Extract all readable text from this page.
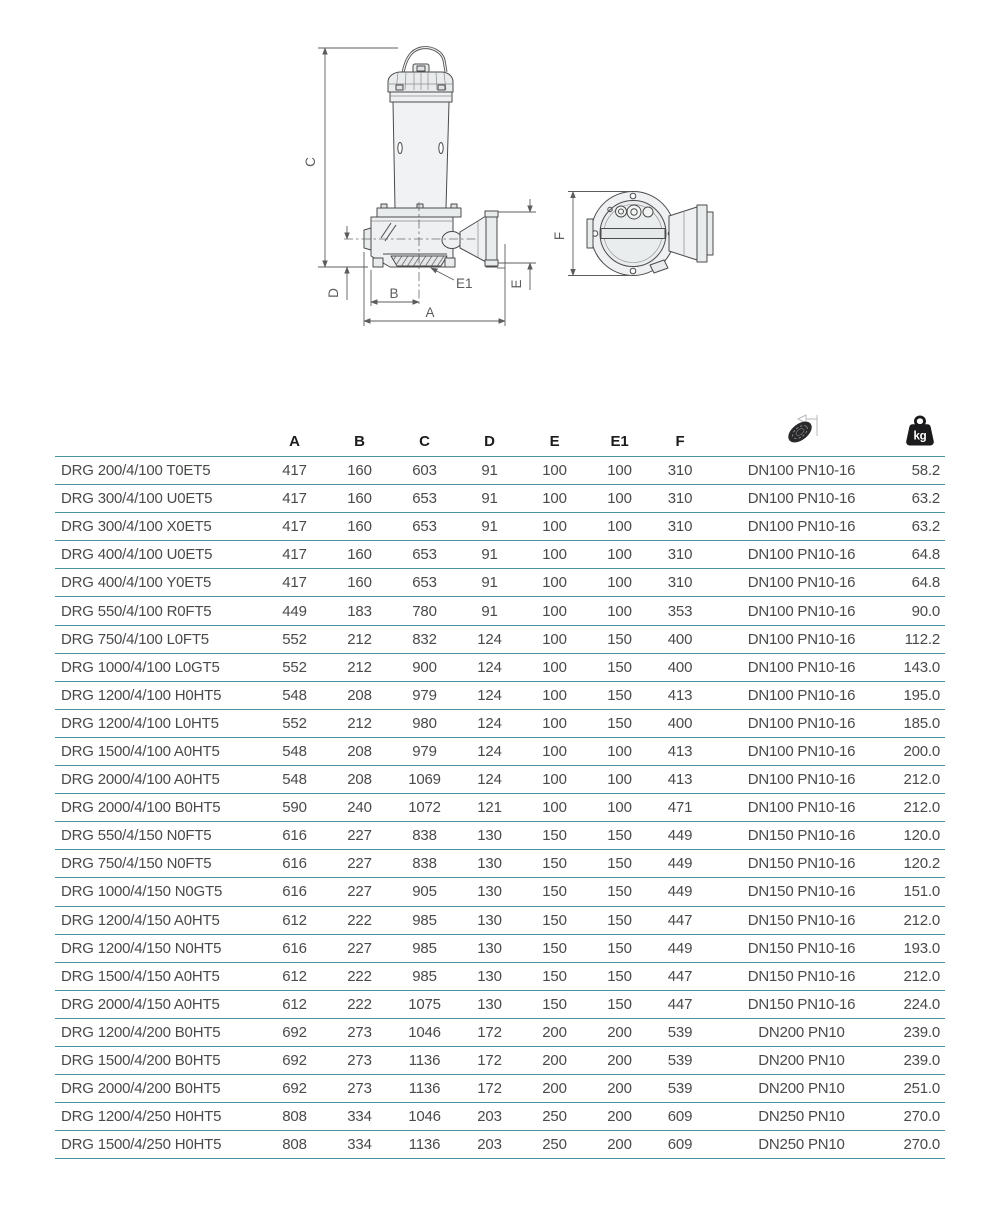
C
D	B
A
E
E1
F
	A	B	C	D	E	E1	F		kg

DRG 200/4/100 T0ET5	417	160	603	91	100	100	310	DN100 PN10-16	58.2
DRG 300/4/100 U0ET5	417	160	653	91	100	100	310	DN100 PN10-16	63.2
DRG 300/4/100 X0ET5	417	160	653	91	100	100	310	DN100 PN10-16	63.2
DRG 400/4/100 U0ET5	417	160	653	91	100	100	310	DN100 PN10-16	64.8
DRG 400/4/100 Y0ET5	417	160	653	91	100	100	310	DN100 PN10-16	64.8
DRG 550/4/100 R0FT5	449	183	780	91	100	100	353	DN100 PN10-16	90.0
DRG 750/4/100 L0FT5	552	212	832	124	100	150	400	DN100 PN10-16	112.2
DRG 1000/4/100 L0GT5	552	212	900	124	100	150	400	DN100 PN10-16	143.0
DRG 1200/4/100 H0HT5	548	208	979	124	100	150	413	DN100 PN10-16	195.0
DRG 1200/4/100 L0HT5	552	212	980	124	100	150	400	DN100 PN10-16	185.0
DRG 1500/4/100 A0HT5	548	208	979	124	100	100	413	DN100 PN10-16	200.0
DRG 2000/4/100 A0HT5	548	208	1069	124	100	100	413	DN100 PN10-16	212.0
DRG 2000/4/100 B0HT5	590	240	1072	121	100	100	471	DN100 PN10-16	212.0
DRG 550/4/150 N0FT5	616	227	838	130	150	150	449	DN150 PN10-16	120.0
DRG 750/4/150 N0FT5	616	227	838	130	150	150	449	DN150 PN10-16	120.2
DRG 1000/4/150 N0GT5	616	227	905	130	150	150	449	DN150 PN10-16	151.0
DRG 1200/4/150 A0HT5	612	222	985	130	150	150	447	DN150 PN10-16	212.0
DRG 1200/4/150 N0HT5	616	227	985	130	150	150	449	DN150 PN10-16	193.0
DRG 1500/4/150 A0HT5	612	222	985	130	150	150	447	DN150 PN10-16	212.0
DRG 2000/4/150 A0HT5	612	222	1075	130	150	150	447	DN150 PN10-16	224.0
DRG 1200/4/200 B0HT5	692	273	1046	172	200	200	539	DN200 PN10	239.0
DRG 1500/4/200 B0HT5	692	273	1136	172	200	200	539	DN200 PN10	239.0
DRG 2000/4/200 B0HT5	692	273	1136	172	200	200	539	DN200 PN10	251.0
DRG 1200/4/250 H0HT5	808	334	1046	203	250	200	609	DN250 PN10	270.0
DRG 1500/4/250 H0HT5	808	334	1136	203	250	200	609	DN250 PN10	270.0
